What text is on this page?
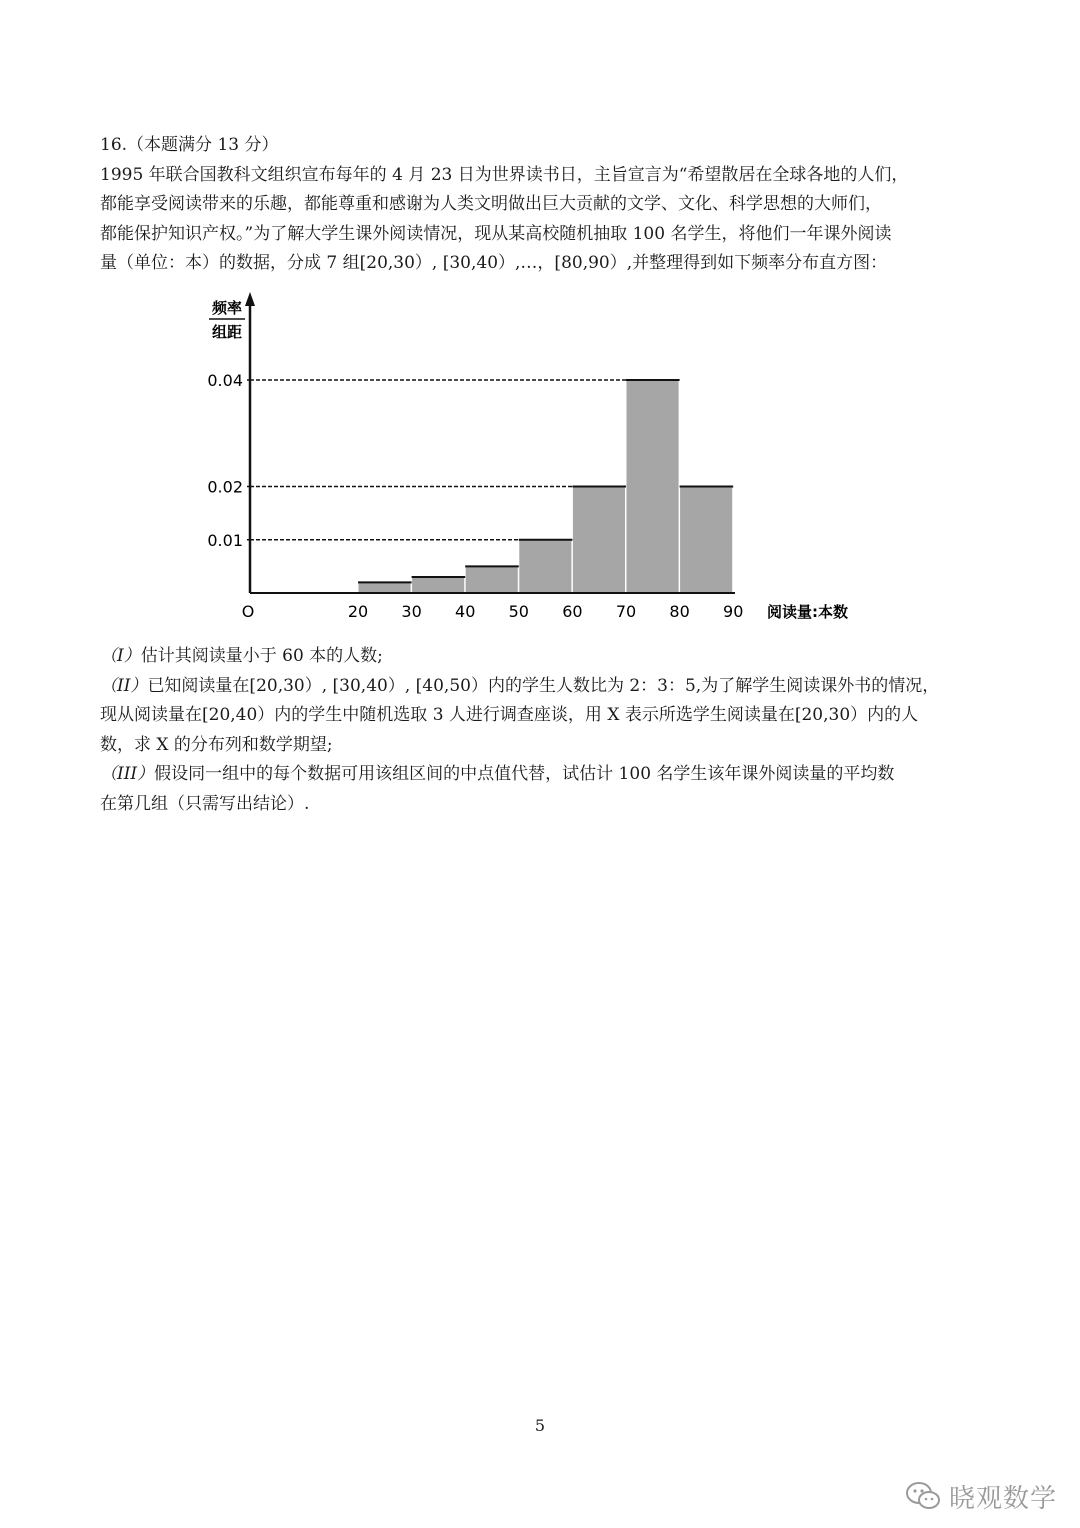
16.（本题满分 13 分）

1995 年联合国教科文组织宣布每年的 4 月 23 日为世界读书日，主旨宣言为“希望散居在全球各地的人们，

都能享受阅读带来的乐趣，都能尊重和感谢为人类文明做出巨大贡献的文学、文化、科学思想的大师们，

都能保护知识产权。”为了解大学生课外阅读情况，现从某高校随机抽取 100 名学生，将他们一年课外阅读

量（单位：本）的数据，分成 7 组[20,30）, [30,40）,…，[80,90）,并整理得到如下频率分布直方图：

频率
组距
O	阅读量:本数
0.01
0.02
0.04
20 30 40 50 60 70 80 90

（I）估计其阅读量小于 60 本的人数;

（II）已知阅读量在[20,30）, [30,40）, [40,50）内的学生人数比为 2：3：5,为了解学生阅读课外书的情况，

现从阅读量在[20,40）内的学生中随机选取 3 人进行调查座谈，用 X 表示所选学生阅读量在[20,30）内的人

数，求 X 的分布列和数学期望;

（III）假设同一组中的每个数据可用该组区间的中点值代替，试估计 100 名学生该年课外阅读量的平均数

在第几组（只需写出结论）.

5
晓观数学
